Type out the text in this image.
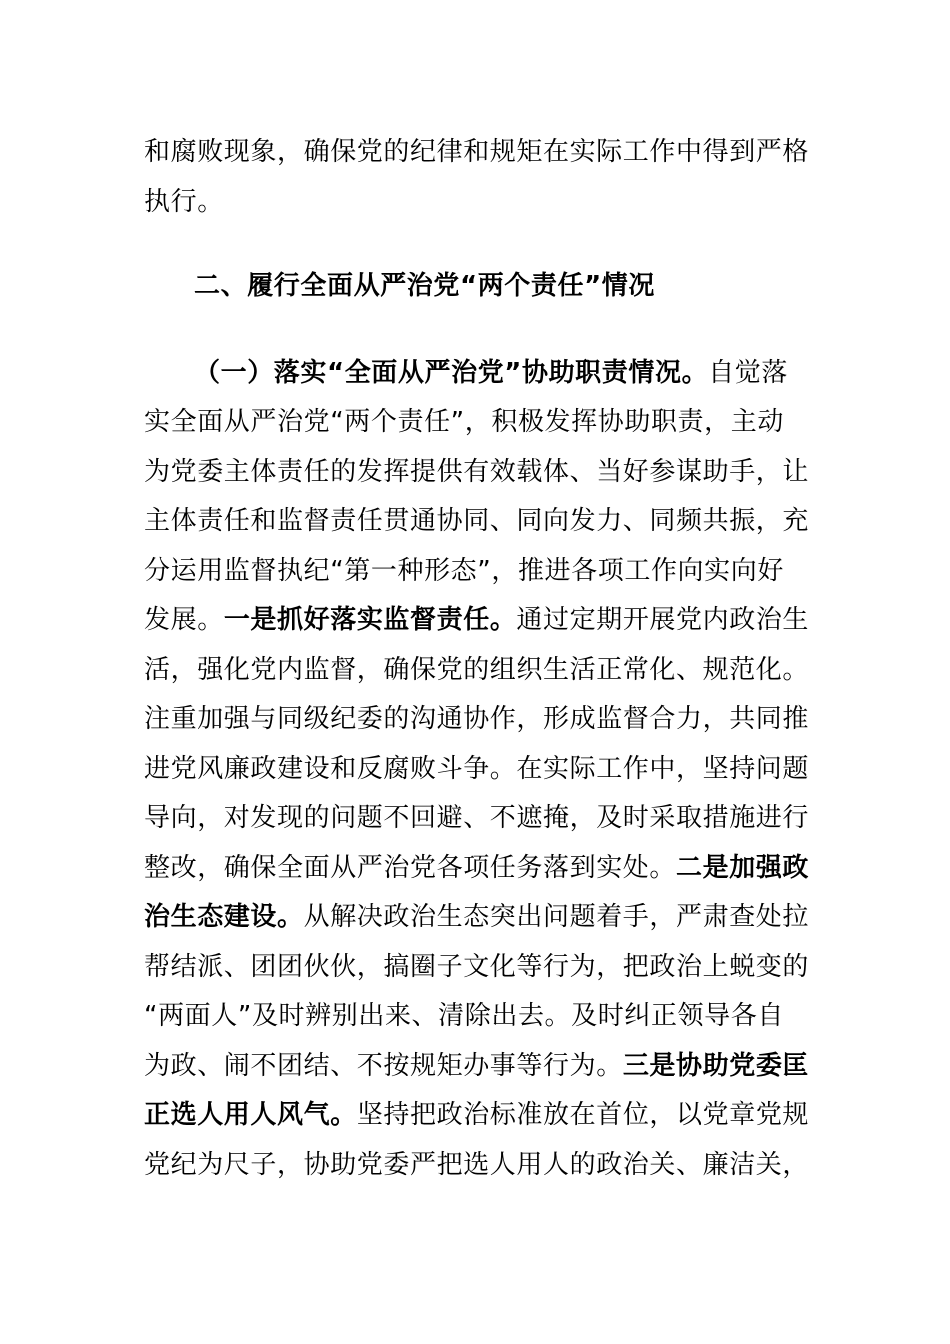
和腐败现象，确保党的纪律和规矩在实际工作中得到严格
执行。
二、履行全面从严治党“两个责任”情况
（一）落实“全面从严治党”协助职责情况。自觉落
实全面从严治党“两个责任”，积极发挥协助职责，主动
为党委主体责任的发挥提供有效载体、当好参谋助手，让
主体责任和监督责任贯通协同、同向发力、同频共振，充
分运用监督执纪“第一种形态”，推进各项工作向实向好
发展。一是抓好落实监督责任。通过定期开展党内政治生
活，强化党内监督，确保党的组织生活正常化、规范化。
注重加强与同级纪委的沟通协作，形成监督合力，共同推
进党风廉政建设和反腐败斗争。在实际工作中，坚持问题
导向，对发现的问题不回避、不遮掩，及时采取措施进行
整改，确保全面从严治党各项任务落到实处。二是加强政
治生态建设。从解决政治生态突出问题着手，严肃查处拉
帮结派、团团伙伙，搞圈子文化等行为，把政治上蜕变的
“两面人”及时辨别出来、清除出去。及时纠正领导各自
为政、闹不团结、不按规矩办事等行为。三是协助党委匡
正选人用人风气。坚持把政治标准放在首位，以党章党规
党纪为尺子，协助党委严把选人用人的政治关、廉洁关，
